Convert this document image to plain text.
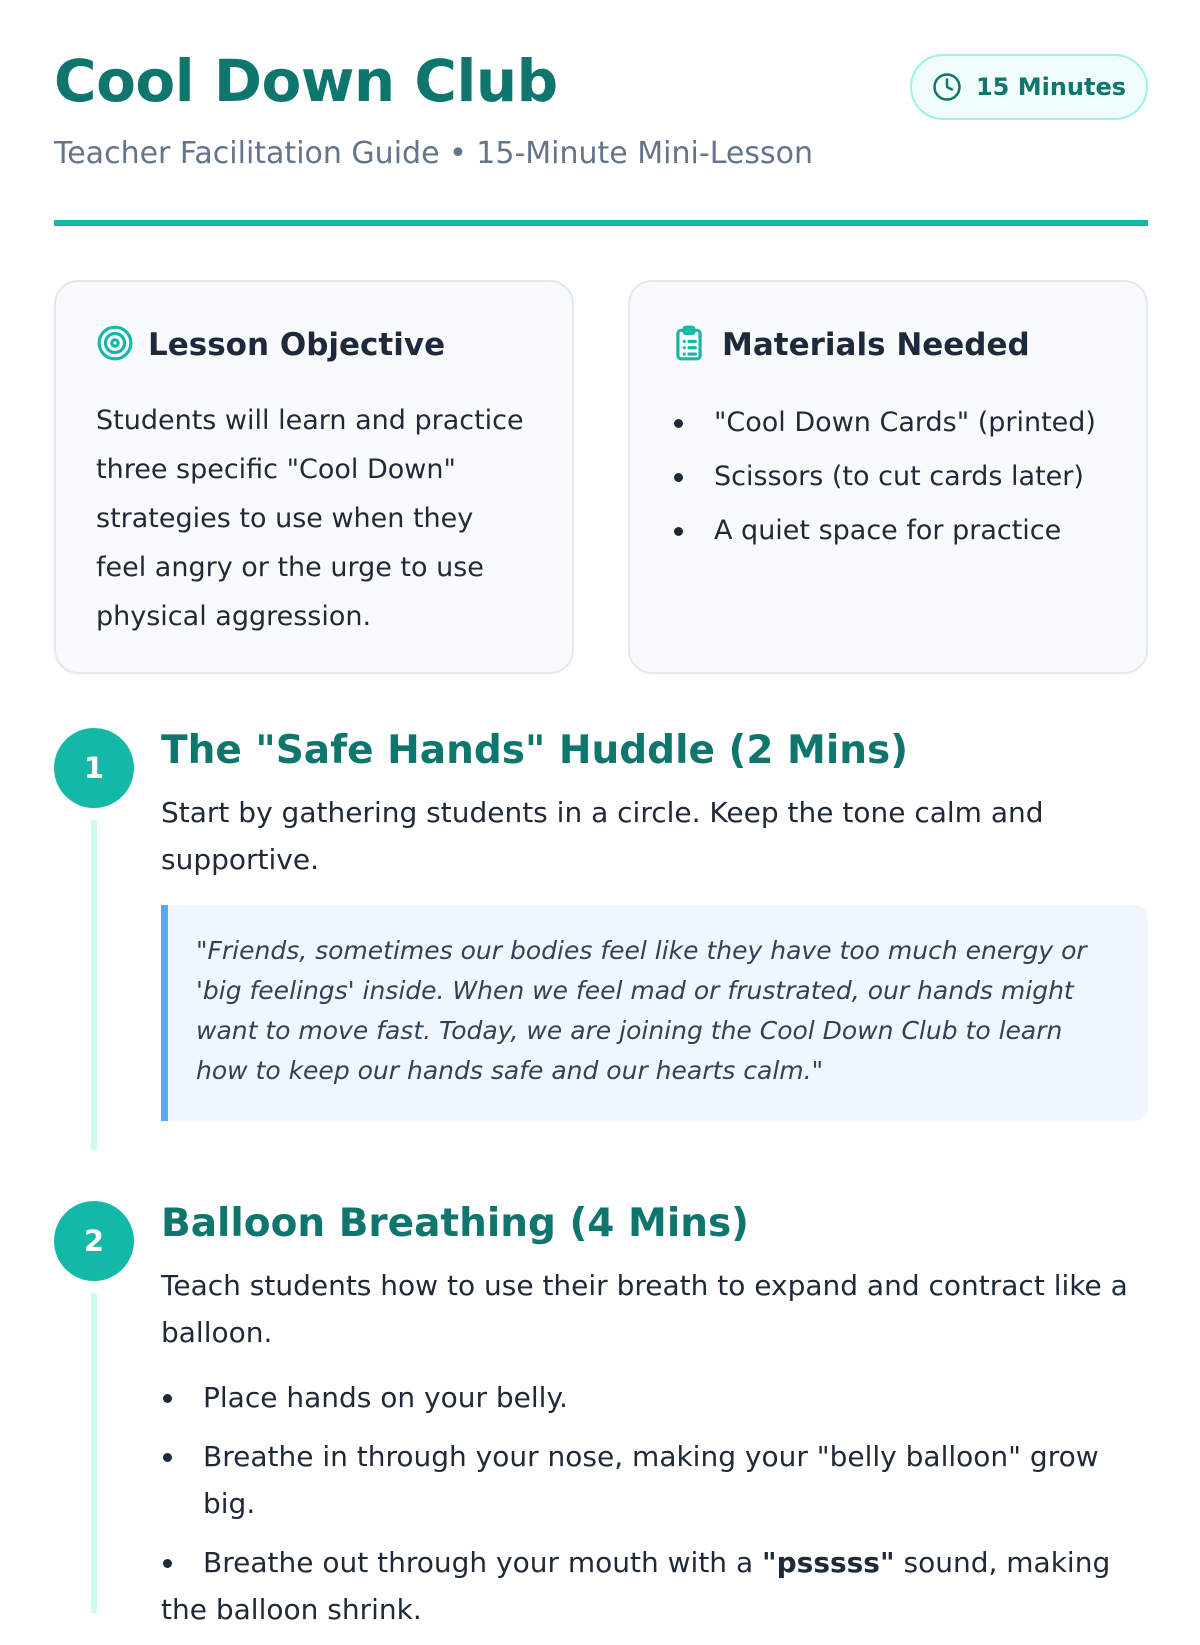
Cool Down Club
Teacher Facilitation Guide • 15-Minute Mini-Lesson
15 Minutes
Lesson Objective
Students will learn and practice three specific "Cool Down" strategies to use when they feel angry or the urge to use physical aggression.
Materials Needed
"Cool Down Cards" (printed)
Scissors (to cut cards later)
A quiet space for practice
1	The "Safe Hands" Huddle (2 Mins)
Start by gathering students in a circle. Keep the tone calm and supportive.
"Friends, sometimes our bodies feel like they have too much energy or 'big feelings' inside. When we feel mad or frustrated, our hands might want to move fast. Today, we are joining the Cool Down Club to learn how to keep our hands safe and our hearts calm."
2	Balloon Breathing (4 Mins)
Teach students how to use their breath to expand and contract like a balloon.
Place hands on your belly.
Breathe in through your nose, making your "belly balloon" grow big.
Breathe out through your mouth with a "psssss" sound, making the balloon shrink.
